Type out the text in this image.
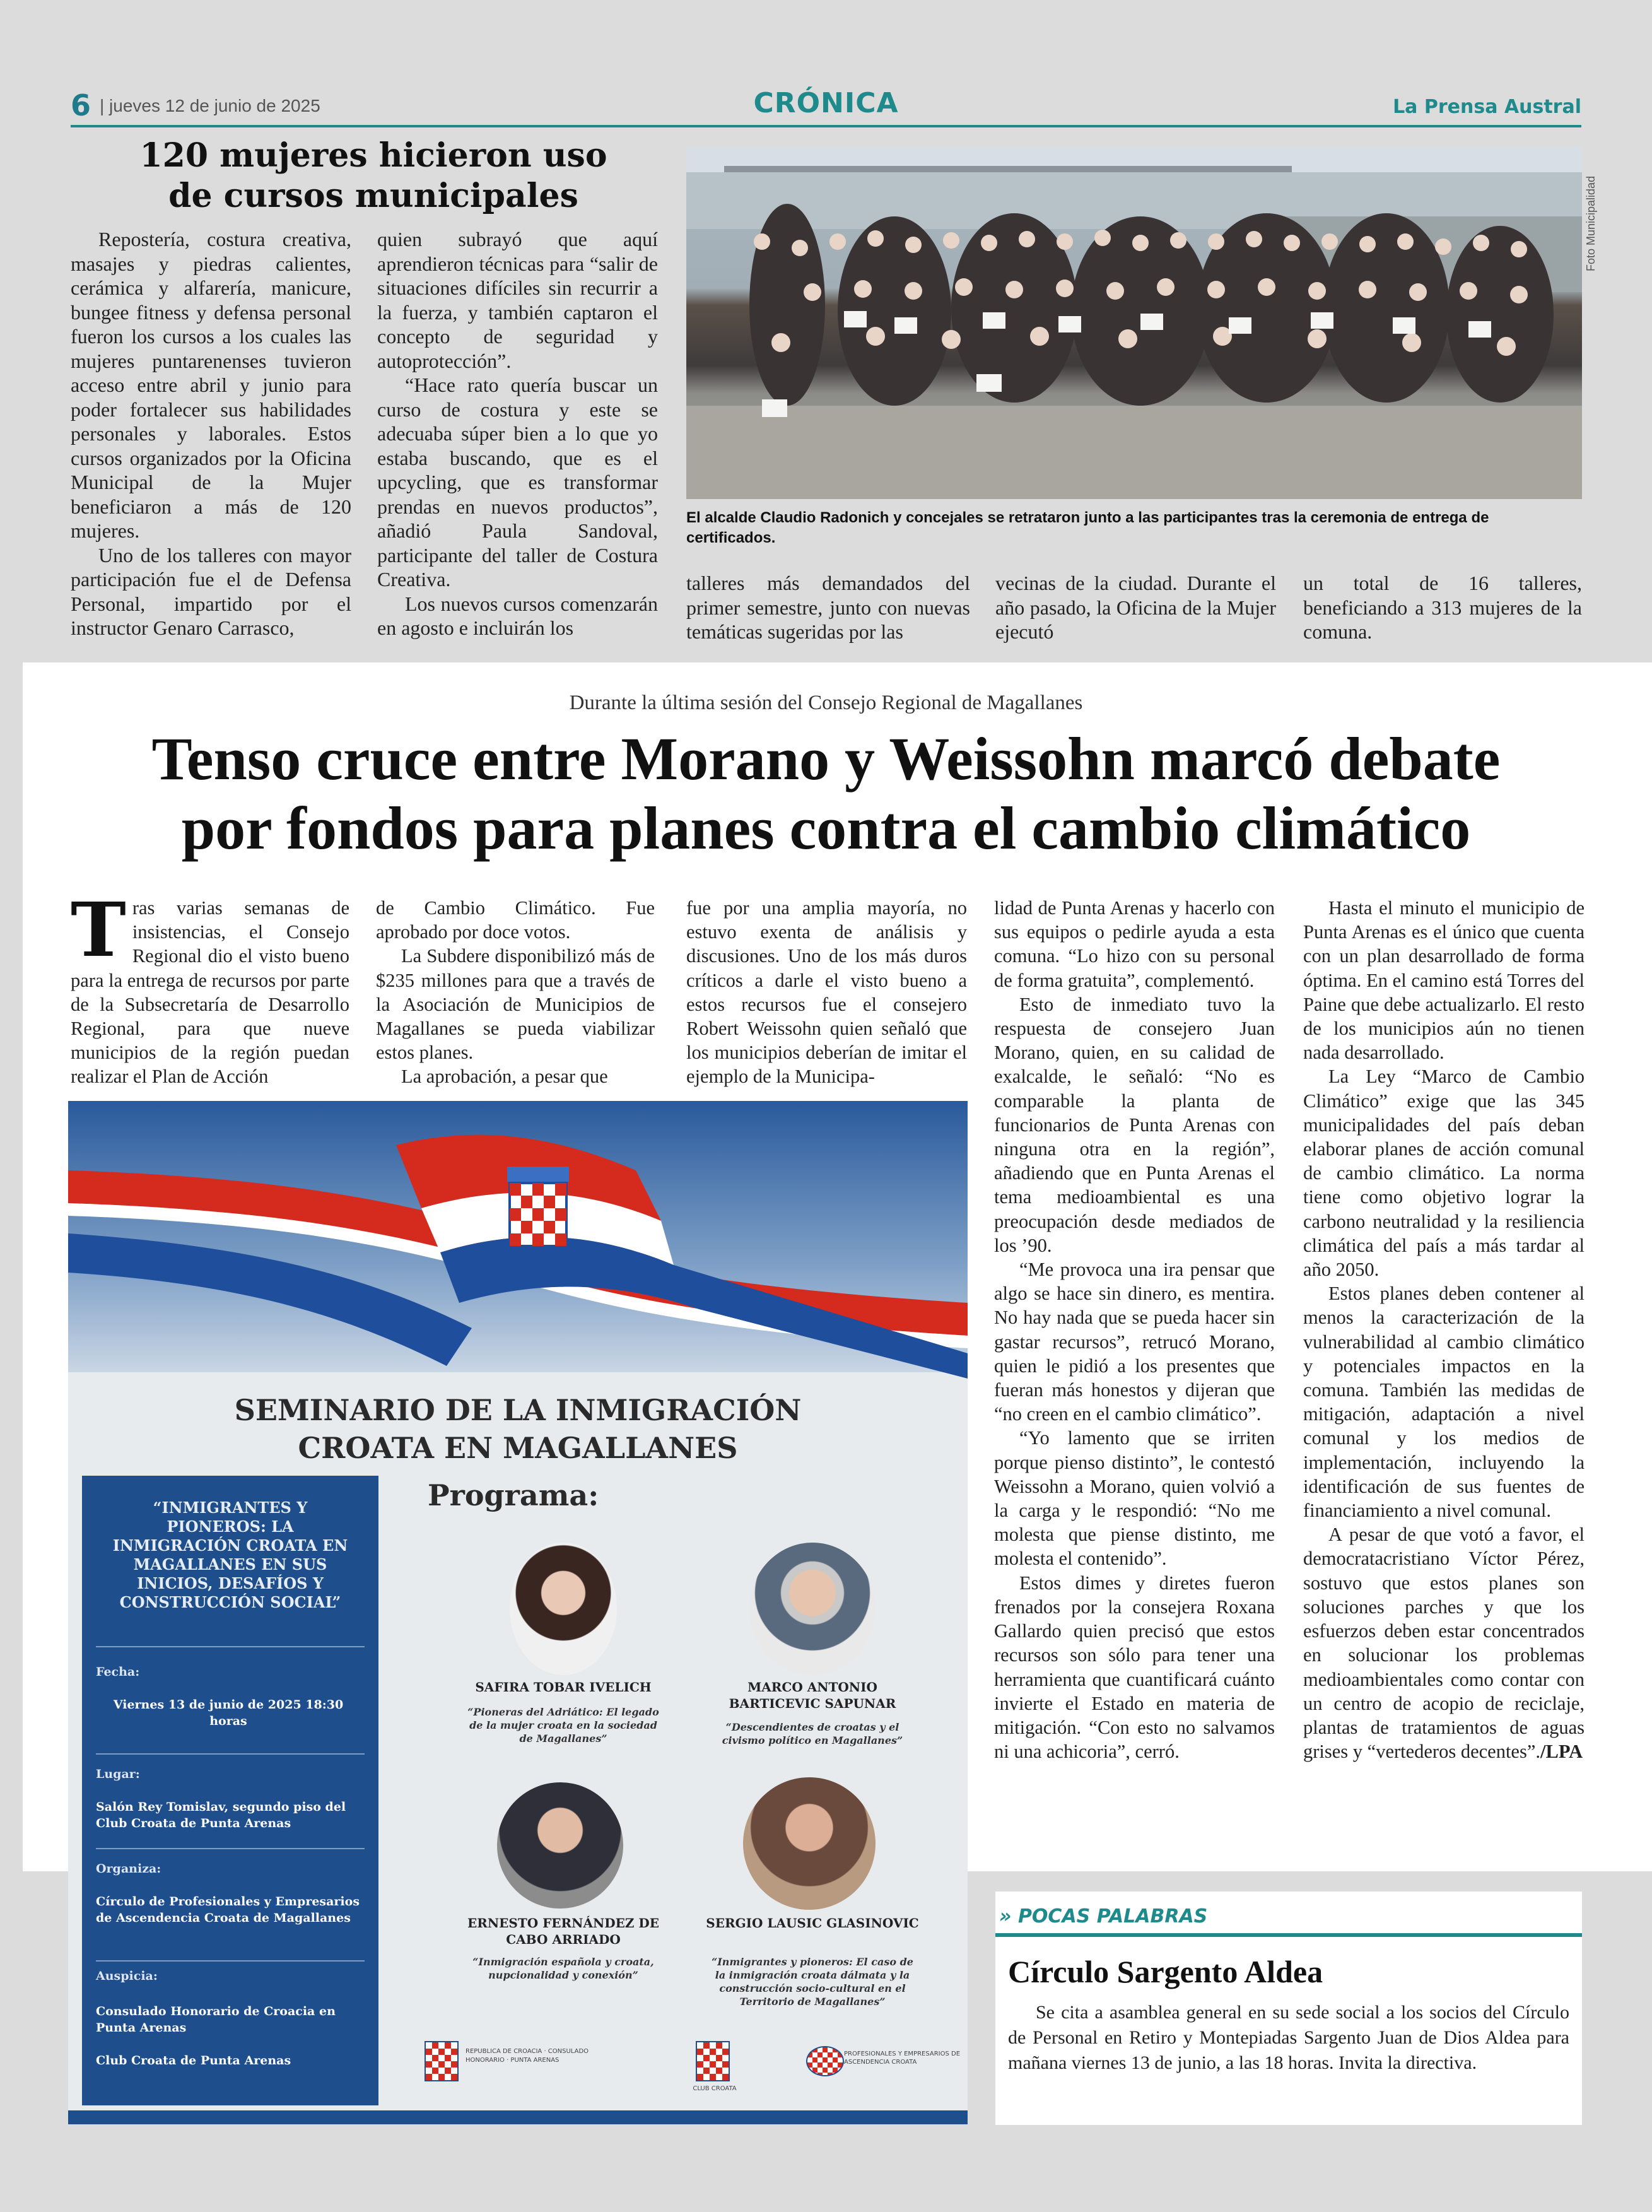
6 | jueves 12 de junio de 2025	CRÓNICA	La Prensa Austral
120 mujeres hicieron uso
de cursos municipales

Repostería, costura creativa, masajes y piedras calientes, cerámica y alfarería, manicure, bungee fitness y defensa personal fueron los cursos a los cuales las mujeres puntarenenses tuvieron acceso entre abril y junio para poder fortalecer sus habilidades personales y laborales. Estos cursos organizados por la Oficina Municipal de la Mujer beneficiaron a más de 120 mujeres.

Uno de los talleres con mayor participación fue el de Defensa Personal, impartido por el instructor Genaro Carrasco,

quien subrayó que aquí aprendieron técnicas para “salir de situaciones difíciles sin recurrir a la fuerza, y también captaron el concepto de seguridad y autoprotección”.

“Hace rato quería buscar un curso de costura y este se adecuaba súper bien a lo que yo estaba buscando, que es el upcycling, que es transformar prendas en nuevos productos”, añadió Paula Sandoval, participante del taller de Costura Creativa.

Los nuevos cursos comenzarán en agosto e incluirán los

Foto Municipalidad
El alcalde Claudio Radonich y concejales se retrataron junto a las participantes tras la ceremonia de entrega de certificados.

talleres más demandados del primer semestre, junto con nuevas temáticas sugeridas por las

vecinas de la ciudad. Durante el año pasado, la Oficina de la Mujer ejecutó

un total de 16 talleres, beneficiando a 313 mujeres de la comuna.

Durante la última sesión del Consejo Regional de Magallanes
Tenso cruce entre Morano y Weissohn marcó debate
por fondos para planes contra el cambio climático
T ras varias semanas de insistencias, el Consejo Regional dio el visto bueno para la entrega de recursos por parte de la Subsecretaría de Desarrollo Regional, para que nueve municipios de la región puedan realizar el Plan de Acción

de Cambio Climático. Fue aprobado por doce votos.

La Subdere disponibilizó más de $235 millones para que a través de la Asociación de Municipios de Magallanes se pueda viabilizar estos planes.

La aprobación, a pesar que

fue por una amplia mayoría, no estuvo exenta de análisis y discusiones. Uno de los más duros críticos a darle el visto bueno a estos recursos fue el consejero Robert Weissohn quien señaló que los municipios deberían de imitar el ejemplo de la Municipa-

lidad de Punta Arenas y hacerlo con sus equipos o pedirle ayuda a esta comuna. “Lo hizo con su personal de forma gratuita”, complementó.

Esto de inmediato tuvo la respuesta de consejero Juan Morano, quien, en su calidad de exalcalde, le señaló: “No es comparable la planta de funcionarios de Punta Arenas con ninguna otra en la región”, añadiendo que en Punta Arenas el tema medioambiental es una preocupación desde mediados de los ’90.

“Me provoca una ira pensar que algo se hace sin dinero, es mentira. No hay nada que se pueda hacer sin gastar recursos”, retrucó Morano, quien le pidió a los presentes que fueran más honestos y dijeran que “no creen en el cambio climático”.

“Yo lamento que se irriten porque pienso distinto”, le contestó Weissohn a Morano, quien volvió a la carga y le respondió: “No me molesta que piense distinto, me molesta el contenido”.

Estos dimes y diretes fueron frenados por la consejera Roxana Gallardo quien precisó que estos recursos son sólo para tener una herramienta que cuantificará cuánto invierte el Estado en materia de mitigación. “Con esto no salvamos ni una achicoria”, cerró.

Hasta el minuto el municipio de Punta Arenas es el único que cuenta con un plan desarrollado de forma óptima. En el camino está Torres del Paine que debe actualizarlo. El resto de los municipios aún no tienen nada desarrollado.

La Ley “Marco de Cambio Climático” exige que las 345 municipalidades del país deban elaborar planes de acción comunal de cambio climático. La norma tiene como objetivo lograr la carbono neutralidad y la resiliencia climática del país a más tardar al año 2050.

Estos planes deben contener al menos la caracterización de la vulnerabilidad al cambio climático y potenciales impactos en la comuna. También las medidas de mitigación, adaptación a nivel comunal y los medios de implementación, incluyendo la identificación de sus fuentes de financiamiento a nivel comunal.

A pesar de que votó a favor, el democratacristiano Víctor Pérez, sostuvo que estos planes son soluciones parches y que los esfuerzos deben estar concentrados en solucionar los problemas medioambientales como contar con un centro de acopio de reciclaje, plantas de tratamientos de aguas grises y “vertederos decentes”./LPA

SEMINARIO DE LA INMIGRACIÓN
CROATA EN MAGALLANES
“INMIGRANTES Y PIONEROS: LA INMIGRACIÓN CROATA EN MAGALLANES EN SUS INICIOS, DESAFÍOS Y CONSTRUCCIÓN SOCIAL”
Fecha:
Viernes 13 de junio de 2025 18:30 horas
Lugar:
Salón Rey Tomislav, segundo piso del Club Croata de Punta Arenas
Organiza:
Círculo de Profesionales y Empresarios de Ascendencia Croata de Magallanes
Auspicia:
Consulado Honorario de Croacia en Punta Arenas
Club Croata de Punta Arenas
Programa:
SAFIRA TOBAR IVELICH
“Pioneras del Adriático: El legado de la mujer croata en la sociedad de Magallanes”
MARCO ANTONIO BARTICEVIC SAPUNAR
“Descendientes de croatas y el civismo político en Magallanes”
ERNESTO FERNÁNDEZ DE CABO ARRIADO
“Inmigración española y croata, nupcionalidad y conexión”
SERGIO LAUSIC GLASINOVIC
“Inmigrantes y pioneros: El caso de la inmigración croata dálmata y la construcción socio-cultural en el Territorio de Magallanes”
REPUBLICA DE CROACIA · CONSULADO HONORARIO · PUNTA ARENAS
CLUB CROATA
PROFESIONALES Y EMPRESARIOS DE ASCENDENCIA CROATA
» POCAS PALABRAS
Círculo Sargento Aldea
Se cita a asamblea general en su sede social a los socios del Círculo de Personal en Retiro y Montepiadas Sargento Juan de Dios Aldea para mañana viernes 13 de junio, a las 18 horas. Invita la directiva.
